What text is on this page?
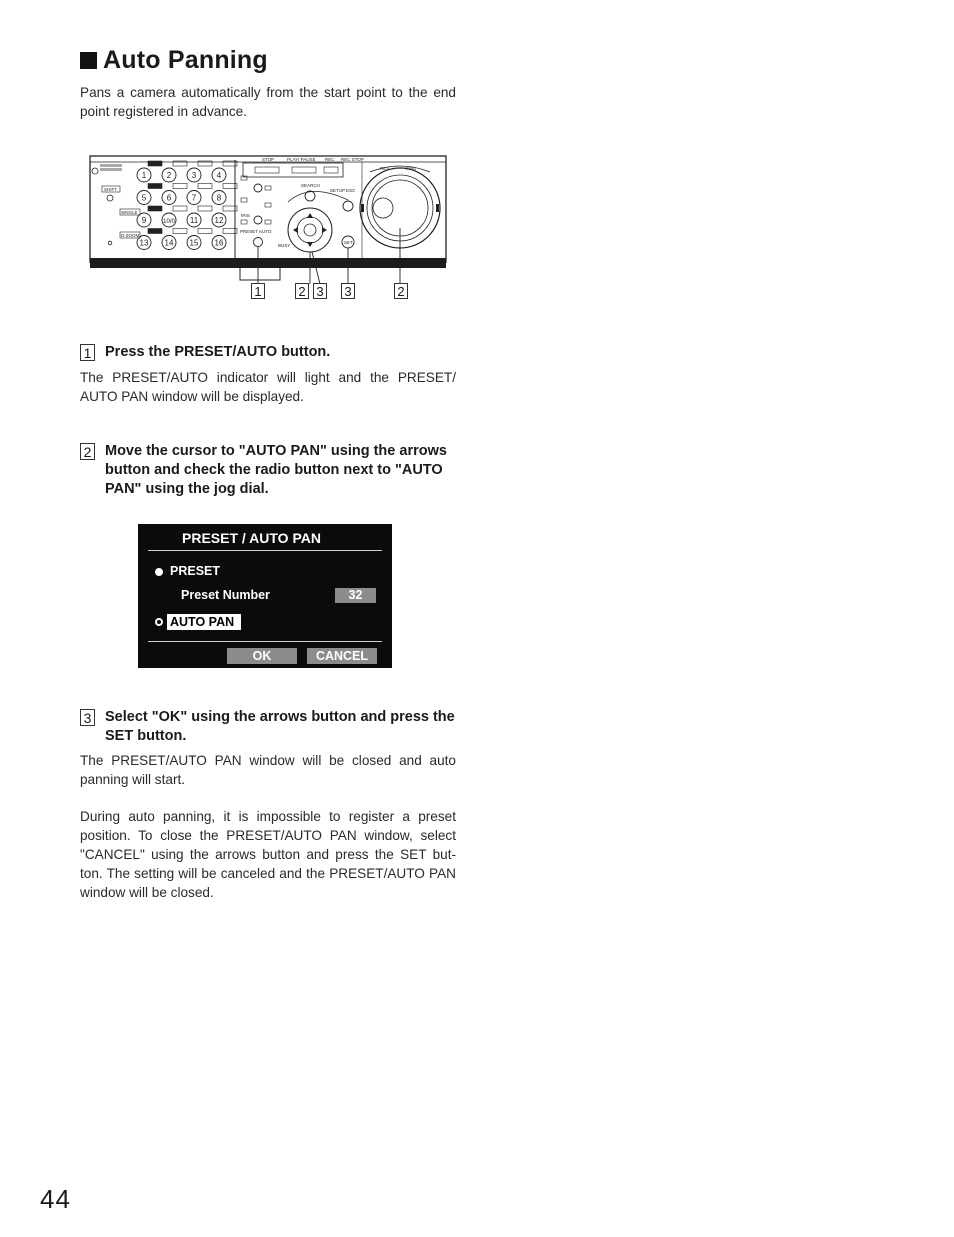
Auto Panning
Pans a camera automatically from the start point to the end point registered in advance.
1	2	3	4
5	6	7	8
9	10/0 11 12
13 14 15 16
STOP	PLAY/ PAUSE REC REC STOP
SHIFT
SEARCH
SETUP ESC
SET
REV	FWD
PRESET AUTO
IRIS
BUSY
SINGLE
D-ZOOM
1	2 3 3	2
1 Press the PRESET/AUTO button.
The PRESET/AUTO indicator will light and the PRESET/ AUTO PAN window will be displayed.
2 Move the cursor to "AUTO PAN" using the arrows button and check the radio button next to "AUTO PAN" using the jog dial.
PRESET / AUTO PAN
PRESET
Preset Number	32
AUTO PAN
OK	CANCEL
3 Select "OK" using the arrows button and press the SET button.
The PRESET/AUTO PAN window will be closed and auto panning will start.
During auto panning, it is impossible to register a preset position. To close the PRESET/AUTO PAN window, select "CANCEL" using the arrows button and press the SET but- ton. The setting will be canceled and the PRESET/AUTO PAN window will be closed.
44
